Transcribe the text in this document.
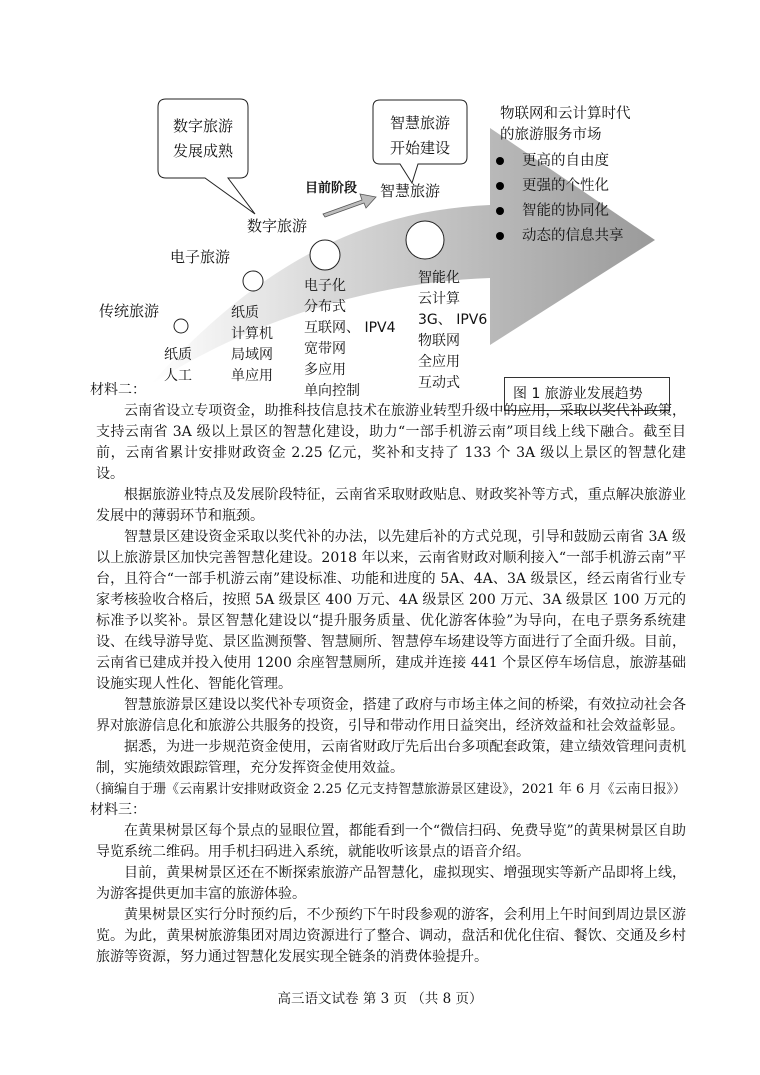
数字旅游
发展成熟
智慧旅游
开始建设
目前阶段
传统旅游
电子旅游
数字旅游
智慧旅游
纸质
人工
纸质
计算机
局域网
单应用
电子化
分布式
互联网、 IPV4
宽带网
多应用
单向控制
智能化
云计算
3G、 IPV6
物联网
全应用
互动式
物联网和云计算时代
的旅游服务市场
更高的自由度
更强的个性化
智能的协同化
动态的信息共享
图 1 旅游业发展趋势
材料二：

云南省设立专项资金，助推科技信息技术在旅游业转型升级中的应用，采取以奖代补政策，支持云南省 3A 级以上景区的智慧化建设，助力“一部手机游云南”项目线上线下融合。截至目前，云南省累计安排财政资金 2.25 亿元，奖补和支持了 133 个 3A 级以上景区的智慧化建设。

根据旅游业特点及发展阶段特征，云南省采取财政贴息、财政奖补等方式，重点解决旅游业发展中的薄弱环节和瓶颈。

智慧景区建设资金采取以奖代补的办法，以先建后补的方式兑现，引导和鼓励云南省 3A 级以上旅游景区加快完善智慧化建设。2018 年以来，云南省财政对顺利接入“一部手机游云南”平台，且符合“一部手机游云南”建设标准、功能和进度的 5A、4A、3A 级景区，经云南省行业专家考核验收合格后，按照 5A 级景区 400 万元、4A 级景区 200 万元、3A 级景区 100 万元的标准予以奖补。景区智慧化建设以“提升服务质量、优化游客体验”为导向，在电子票务系统建设、在线导游导览、景区监测预警、智慧厕所、智慧停车场建设等方面进行了全面升级。目前，云南省已建成并投入使用 1200 余座智慧厕所，建成并连接 441 个景区停车场信息，旅游基础设施实现人性化、智能化管理。

智慧旅游景区建设以奖代补专项资金，搭建了政府与市场主体之间的桥梁，有效拉动社会各界对旅游信息化和旅游公共服务的投资，引导和带动作用日益突出，经济效益和社会效益彰显。

据悉，为进一步规范资金使用，云南省财政厅先后出台多项配套政策，建立绩效管理问责机制，实施绩效跟踪管理，充分发挥资金使用效益。

（摘编自于珊《云南累计安排财政资金 2.25 亿元支持智慧旅游景区建设》，2021 年 6 月《云南日报》）
材料三：

在黄果树景区每个景点的显眼位置，都能看到一个“微信扫码、免费导览”的黄果树景区自助导览系统二维码。用手机扫码进入系统，就能收听该景点的语音介绍。

目前，黄果树景区还在不断探索旅游产品智慧化，虚拟现实、增强现实等新产品即将上线，为游客提供更加丰富的旅游体验。

黄果树景区实行分时预约后，不少预约下午时段参观的游客，会利用上午时间到周边景区游览。为此，黄果树旅游集团对周边资源进行了整合、调动，盘活和优化住宿、餐饮、交通及乡村旅游等资源，努力通过智慧化发展实现全链条的消费体验提升。

高三语文试卷 第 3 页 （共 8 页）
